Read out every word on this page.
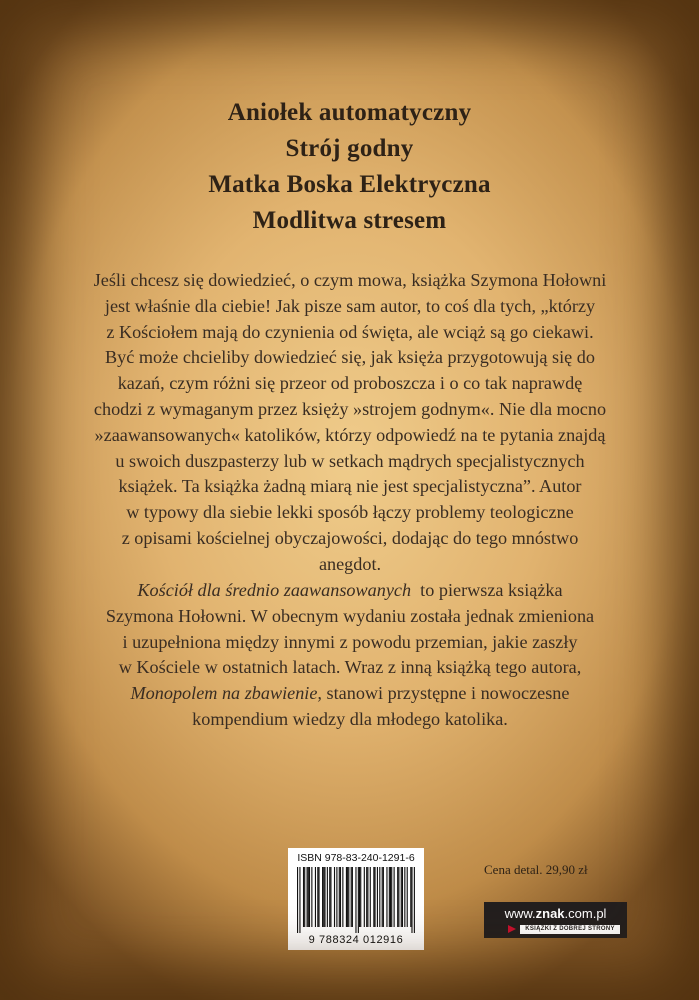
Aniołek automatyczny
Strój godny
Matka Boska Elektryczna
Modlitwa stresem
Jeśli chcesz się dowiedzieć, o czym mowa, książka Szymona Hołowni
jest właśnie dla ciebie! Jak pisze sam autor, to coś dla tych, „którzy
z Kościołem mają do czynienia od święta, ale wciąż są go ciekawi.
Być może chcieliby dowiedzieć się, jak księża przygotowują się do
kazań, czym różni się przeor od proboszcza i o co tak naprawdę
chodzi z wymaganym przez księży »strojem godnym«. Nie dla mocno
»zaawansowanych« katolików, którzy odpowiedź na te pytania znajdą
u swoich duszpasterzy lub w setkach mądrych specjalistycznych
książek. Ta książka żadną miarą nie jest specjalistyczna”. Autor
w typowy dla siebie lekki sposób łączy problemy teologiczne
z opisami kościelnej obyczajowości, dodając do tego mnóstwo
anegdot.
Kościół dla średnio zaawansowanych  to pierwsza książka
Szymona Hołowni. W obecnym wydaniu została jednak zmieniona
i uzupełniona między innymi z powodu przemian, jakie zaszły
w Kościele w ostatnich latach. Wraz z inną książką tego autora,
Monopolem na zbawienie, stanowi przystępne i nowoczesne
kompendium wiedzy dla młodego katolika.
ISBN 978-83-240-1291-6
9 788324 012916
Cena detal. 29,90 zł
www.znak.com.pl
KSIĄŻKI Z DOBREJ STRONY
